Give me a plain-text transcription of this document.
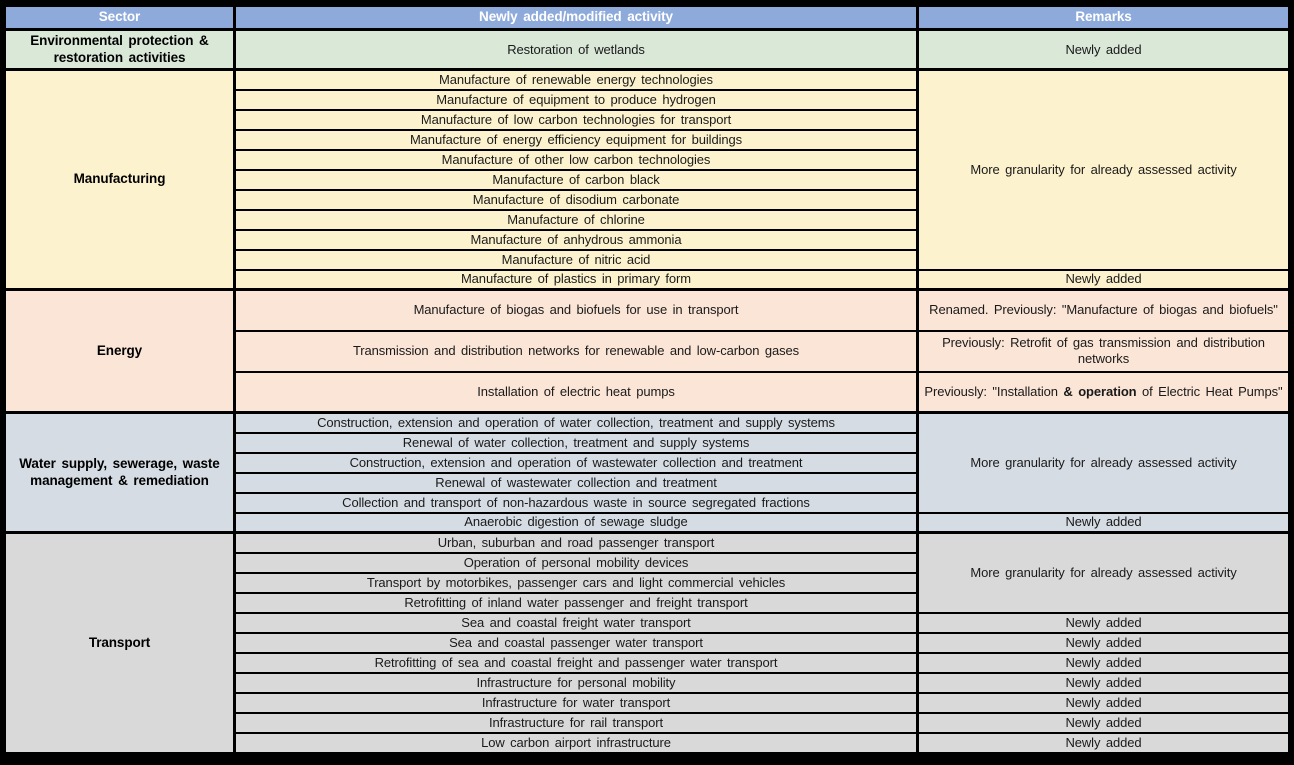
Sector	Newly added/modified activity	Remarks
Environmental protection & restoration activities	Restoration of wetlands	Newly added
Manufacturing	Manufacture of renewable energy technologies	More granularity for already assessed activity
	Manufacture of equipment to produce hydrogen	
	Manufacture of low carbon technologies for transport	
	Manufacture of energy efficiency equipment for buildings	
	Manufacture of other low carbon technologies	
	Manufacture of carbon black	
	Manufacture of disodium carbonate	
	Manufacture of chlorine	
	Manufacture of anhydrous ammonia	
	Manufacture of nitric acid	
	Manufacture of plastics in primary form	Newly added
Energy	Manufacture of biogas and biofuels for use in transport	Renamed. Previously: "Manufacture of biogas and biofuels"
	Transmission and distribution networks for renewable and low-carbon gases	Previously: Retrofit of gas transmission and distribution networks
	Installation of electric heat pumps	Previously: "Installation & operation of Electric Heat Pumps"
Water supply, sewerage, waste management & remediation	Construction, extension and operation of water collection, treatment and supply systems	More granularity for already assessed activity
	Renewal of water collection, treatment and supply systems	
	Construction, extension and operation of wastewater collection and treatment	
	Renewal of wastewater collection and treatment	
	Collection and transport of non-hazardous waste in source segregated fractions	
	Anaerobic digestion of sewage sludge	Newly added
Transport	Urban, suburban and road passenger transport	More granularity for already assessed activity
	Operation of personal mobility devices	
	Transport by motorbikes, passenger cars and light commercial vehicles	
	Retrofitting of inland water passenger and freight transport	
	Sea and coastal freight water transport	Newly added
	Sea and coastal passenger water transport	Newly added
	Retrofitting of sea and coastal freight and passenger water transport	Newly added
	Infrastructure for personal mobility	Newly added
	Infrastructure for water transport	Newly added
	Infrastructure for rail transport	Newly added
	Low carbon airport infrastructure	Newly added
